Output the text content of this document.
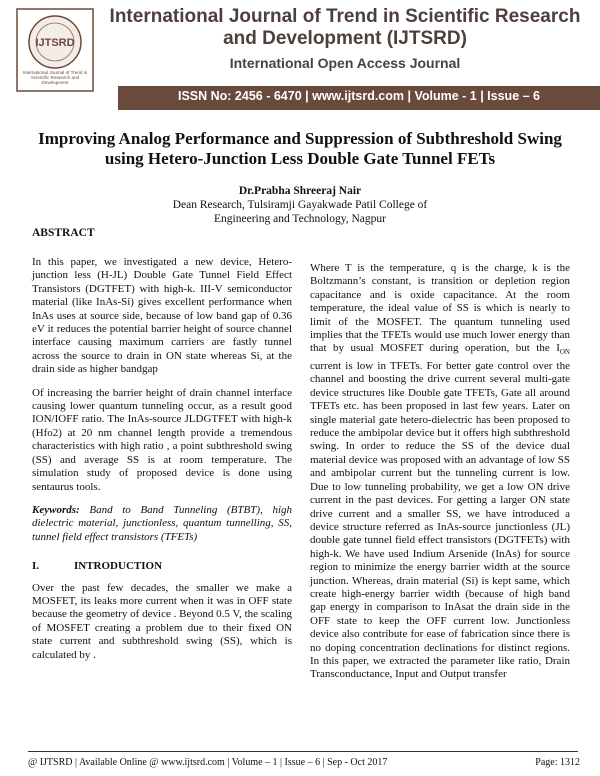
IJTSRD
International Journal of Trend in Scientific Research and Development
International Journal of Trend in Scientific Research and Development (IJTSRD)
International Open Access Journal
ISSN No: 2456 - 6470 | www.ijtsrd.com | Volume - 1 | Issue – 6
Improving Analog Performance and Suppression of Subthreshold Swing using Hetero-Junction Less Double Gate Tunnel FETs
Dr.Prabha Shreeraj Nair
Dean Research, Tulsiramji Gayakwade Patil College of
Engineering and Technology, Nagpur
ABSTRACT

In this paper, we investigated a new device, Hetero-junction less (H-JL) Double Gate Tunnel Field Effect Transistors (DGTFET) with high-k. III-V semiconductor material (like InAs-Si) gives excellent performance when InAs uses at source side, because of low band gap of 0.36 eV it reduces the potential barrier height of source channel interface causing maximum carriers are fastly tunnel across the source to drain in ON state whereas Si, at the drain side as higher bandgap

Of increasing the barrier height of drain channel interface causing lower quantum tunneling occur, as a result good ION/IOFF ratio. The InAs-source JLDGTFET with high-k (Hfo2) at 20 nm channel length provide a tremendous characteristics with high ratio , a point subthreshold swing (SS) and average SS is at room temperature. The simulation study of proposed device is done using sentaurus tools.

Keywords: Band to Band Tunneling (BTBT), high dielectric material, junctionless, quantum tunnelling, SS, tunnel field effect transistors (TFETs)

I.	INTRODUCTION

Over the past few decades, the smaller we make a MOSFET, its leaks more current when it was in OFF state because the geometry of device . Beyond 0.5 V, the scaling of MOSFET creating a problem due to their fixed ON state current and subthreshold swing (SS), which is calculated by .

Where T is the temperature, q is the charge, k is the Boltzmann’s constant, is transition or depletion region capacitance and is oxide capacitance. At the room temperature, the ideal value of SS is which is nearly to limit of the MOSFET. The quantum tunneling used implies that the TFETs would use much lower energy than that by usual MOSFET during operation, but the $I_{ON}$ current is low in TFETs. For better gate control over the channel and boosting the drive current several multi-gate device structures like Double gate TFETs, Gate all around TFETs etc. has been proposed in last few years. Later on single material gate hetero-dielectric has been proposed to reduce the ambipolar device but it offers high subthreshold swing. In order to reduce the SS of the device dual material device was proposed with an advantage of low SS and ambipolar current but the tunneling current is low. Due to low tunneling probability, we get a low ON drive current in the past devices. For getting a larger ON state drive current and a smaller SS, we have introduced a device structure referred as InAs-source junctionless (JL) double gate tunnel field effect transistors (DGTFETs) with high-k. We have used Indium Arsenide (InAs) for source region to minimize the energy barrier width at the source junction. Whereas, drain material (Si) is kept same, which create high-energy barrier width (because of high band gap energy in comparison to InAsat the drain side in the OFF state to keep the OFF current low. Junctionless device also contribute for ease of fabrication since there is no doping concentration declinations for distinct regions. In this paper, we extracted the parameter like ratio, Drain Transconductance, Input and Output transfer

@ IJTSRD | Available Online @ www.ijtsrd.com | Volume – 1 | Issue – 6 | Sep - Oct 2017	Page: 1312
